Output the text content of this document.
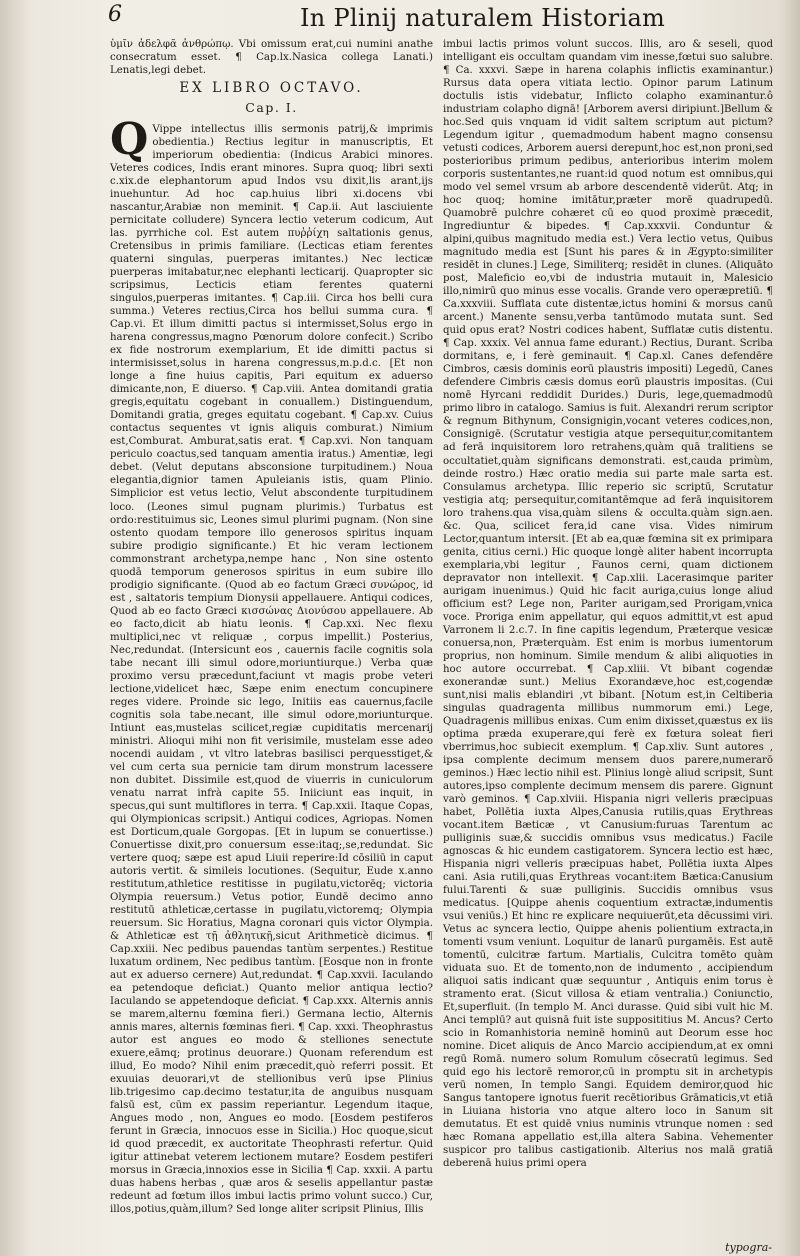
6	In Plinij naturalem Historiam

ὑμῖν ἀδελφᾶ ἀνθρώπῳ. Vbi omissum erat,cui numini anathe consecratum esset. ¶ Cap.lx.Nasica collega Lanati.) Lenatis,legi debet.

EX LIBRO OCTAVO.
Cap. I.

Q Vippe intellectus illis sermonis patrij,& imprimis obedientia.) Rectius legitur in manuscriptis, Et imperiorum obedientia: (Indicus Arabici minores. Veteres codices, Indis erant minores. Supra quoq; libri sexti c.xix.de elephantorum apud Indos vsu dixit,lis arant,ijs inuehuntur. Ad hoc cap.huius libri xi.docens vbi nascantur,Arabiæ non meminit. ¶ Cap.ii. Aut lasciuiente pernicitate colludere) Syncera lectio veterum codicum, Aut las. pyrrhiche col. Est autem πυῤῥίχη saltationis genus, Cretensibus in primis familiare. (Lecticas etiam ferentes quaterni singulas, puerperas imitantes.) Nec lecticæ puerperas imitabatur,nec elephanti lecticarij. Quapropter sic scripsimus, Lecticis etiam ferentes quaterni singulos,puerperas imitantes. ¶ Cap.iii. Circa hos belli cura summa.) Veteres rectius,Circa hos bellui summa cura. ¶ Cap.vi. Et illum dimitti pactus si intermisset,Solus ergo in harena congressus,magno Pœnorum dolore confecit.) Scribo ex fide nostrorum exemplarium, Et ide dimitti pactus si intermisisset,solus in harena congressus,m.p.d.c. [Et non longe a fine huius capitis, Pari equitum ex aduerso dimicante,non, E diuerso. ¶ Cap.viii. Antea domitandi gratia gregis,equitatu cogebant in conuallem.) Distinguendum, Domitandi gratia, greges equitatu cogebant. ¶ Cap.xv. Cuius contactus sequentes vt ignis aliquis comburat.) Nimium est,Comburat. Amburat,satis erat. ¶ Cap.xvi. Non tanquam periculo coactus,sed tanquam amentia iratus.) Amentiæ, legi debet. (Velut deputans absconsione turpitudinem.) Noua elegantia,dignior tamen Apuleianis istis, quam Plinio. Simplicior est vetus lectio, Velut abscondente turpitudinem loco. (Leones simul pugnam plurimis.) Turbatus est ordo:restituimus sic, Leones simul plurimi pugnam. (Non sine ostento quodam tempore illo generosos spiritus inquam subire prodigio significante.) Et hic veram lectionem commonstrant archetypa,nempe hanc , Non sine ostento quodā temporum generosos spiritus in eum subire illo prodigio significante. (Quod ab eo factum Græci συνώρος, id est , saltatoris tempium Dionysii appellauere. Antiqui codices, Quod ab eo facto Græci κισσώνας Διονύσου appellauere. Ab eo facto,dicit ab hiatu leonis. ¶ Cap.xxi. Nec flexu multiplici,nec vt reliquæ , corpus impellit.) Posterius, Nec,redundat. (Intersicunt eos , cauernis facile cognitis sola tabe necant illi simul odore,moriuntiurque.) Verba quæ proximo versu præcedunt,faciunt vt magis probe veteri lectione,videlicet hæc, Sæpe enim enectum concupinere reges videre. Proinde sic lego, Initiis eas cauernus,facile cognitis sola tabe.necant, ille simul odore,moriunturque. Intiunt eas,mustelas scilicet,regiæ cupiditatis mercenarij ministri. Alioqui mihi non fit verisimile, mustelam esse adeo nocendi auidam , vt vltro latebras basilisci perquesstiget,& vel cum certa sua pernicie tam dirum monstrum lacessere non dubitet. Dissimile est,quod de viuerris in cuniculorum venatu narrat infrà capite 55. Iniiciunt eas inquit, in specus,qui sunt multiflores in terra. ¶ Cap.xxii. Itaque Copas, qui Olympionicas scripsit.) Antiqui codices, Agriopas. Nomen est Dorticum,quale Gorgopas. [Et in lupum se conuertisse.) Conuertisse dixit,pro conuersum esse:itaq;,se,redundat. Sic vertere quoq; sæpe est apud Liuii reperire:Id cōsiliū in caput autoris vertit. & simileis locutiones. (Sequitur, Eude x.anno restitutum,athletice restitisse in pugilatu,victorēq; victoria Olympia reuersum.) Vetus potior, Eundē decimo anno restitutū athleticæ,certasse in pugilatu,victoremq; Olympia reuersum. Sic Horatius, Magna coronari quis victor Olympia. & Athleticæ est τῇ ἀθλητικῇ,sicut Arithmeticè dicimus. ¶ Cap.xxiii. Nec pedibus pauendas tantùm serpentes.) Restitue luxatum ordinem, Nec pedibus tantùm. [Eosque non in fronte aut ex aduerso cernere) Aut,redundat. ¶ Cap.xxvii. Iaculando ea petendoque deficiat.) Quanto melior antiqua lectio? Iaculando se appetendoque deficiat. ¶ Cap.xxx. Alternis annis se marem,alternu fœmina fieri.) Germana lectio, Alternis annis mares, alternis fœminas fieri. ¶ Cap. xxxi. Theophrastus autor est angues eo modo & stelliones senectute exuere,eāmq; protinus deuorare.) Quonam referendum est illud, Eo modo? Nihil enim præcedit,quò referri possit. Et exuuias deuorari,vt de stellionibus verū ipse Plinius lib.trigesimo cap.decimo testatur,ita de anguibus nusquam falsū est, cūm ex passim reperiantur. Legendum itaque, Angues modo , non, Angues eo modo. [Eosdem pestiferos ferunt in Græcia, innocuos esse in Sicilia.) Hoc quoque,sicut id quod præcedit, ex auctoritate Theophrasti refertur. Quid igitur attinebat veterem lectionem mutare? Eosdem pestiferi morsus in Græcia,innoxios esse in Sicilia ¶ Cap. xxxii. A partu duas habens herbas , quæ aros & seselis appellantur pastæ redeunt ad fœtum illos imbui lactis primo volunt succo.) Cur, illos,potius,quàm,illum? Sed longe aliter scripsit Plinius, Illis

imbui lactis primos volunt succos. Illis, aro & seseli, quod intelligant eis occultam quandam vim inesse,fœtui suo salubre. ¶ Ca. xxxvi. Sæpe in harena colaphis inflictis examinantur.) Rursus data opera vitiata lectio. Opinor parum Latinum doctulis istis videbatur, Inflicto colapho examinantur.ô industriam colapho dignā! [Arborem aversi diripiunt.]Bellum & hoc.Sed quis vnquam id vidit saltem scriptum aut pictum? Legendum igitur , quemadmodum habent magno consensu vetusti codices, Arborem auersi derepunt,hoc est,non proni,sed posterioribus primum pedibus, anterioribus interim molem corporis sustentantes,ne ruant:id quod notum est omnibus,qui modo vel semel vrsum ab arbore descendentē viderūt. Atq; in hoc quoq; homine imitātur,præter morē quadrupedū. Quamobrē pulchre cohæret cū eo quod proximè præcedit, Ingrediuntur & bipedes. ¶ Cap.xxxvii. Conduntur & alpini,quibus magnitudo media est.) Vera lectio vetus, Quibus magnitudo media est [Sunt his pares & in Ægypto:similiter residēt in clunes.] Lege, Similiterq; residēt in clunes. (Aliquāto post, Maleficio eo,vbi de industria mutauit in, Malesicio illo,nimirū quo minus esse vocalis. Grande vero operæpretiū. ¶ Ca.xxxviii. Sufflata cute distentæ,ictus homini & morsus canū arcent.) Manente sensu,verba tantūmodo mutata sunt. Sed quid opus erat? Nostri codices habent, Sufflatæ cutis distentu. ¶ Cap. xxxix. Vel annua fame edurant.) Rectius, Durant. Scriba dormitans, e, i ferè geminauit. ¶ Cap.xl. Canes defendēre Cimbros, cæsis dominis eorū plaustris impositi) Legedū, Canes defendere Cimbris cæsis domus eorū plaustris impositas. (Cui nomē Hyrcani reddidit Durides.) Duris, lege,quemadmodū primo libro in catalogo. Samius is fuit. Alexandri rerum scriptor & regnum Bithynum, Consignigin,vocant veteres codices,non, Consignigē. (Scrutatur vestigia atque persequitur,comitantem ad ferā inquisitorem loro retrahens,quàm quā tralitiens se occultatiet,quàm significans demonstrati. est,cauda primùm, deinde rostro.) Hæc oratio media sui parte male sarta est. Consulamus archetypa. Illic reperio sic scriptū, Scrutatur vestigia atq; persequitur,comitantēmque ad ferā inquisitorem loro trahens.qua visa,quàm silens & occulta.quàm sign.aen. &c. Qua, scilicet fera,id cane visa. Vides nimirum Lector,quantum intersit. [Et ab ea,quæ fœmina sit ex primipara genita, citius cerni.) Hic quoque longè aliter habent incorrupta exemplaria,vbi legitur , Faunos cerni, quam dictionem depravator non intellexit. ¶ Cap.xlii. Lacerasimque pariter aurigam inuenimus.) Quid hic facit auriga,cuius longe aliud officium est? Lege non, Pariter aurigam,sed Prorigam,vnica voce. Proriga enim appellatur, qui equos admittit,vt est apud Varronem li 2.c.7. In fine capitis legendum, Præterque vesicæ conuersa,non, Præterquàm. Est enim is morbus iumentorum proprius, non hominum. Simile mendum & alibi aliquoties in hoc autore occurrebat. ¶ Cap.xliii. Vt bibant cogendæ exonerandæ sunt.) Melius Exorandæve,hoc est,cogendæ sunt,nisi malis eblandiri ,vt bibant. [Notum est,in Celtiberia singulas quadragenta millibus nummorum emi.) Lege, Quadragenis millibus enixas. Cum enim dixisset,quæstus ex iis optima præda exuperare,qui ferè ex fœtura soleat fieri vberrimus,hoc subiecit exemplum. ¶ Cap.xliv. Sunt autores , ipsa complente decimum mensem duos parere,numerarō geminos.) Hæc lectio nihil est. Plinius longè aliud scripsit, Sunt autores,ipso complente decimum mensem dis parere. Gignunt varò geminos. ¶ Cap.xlviii. Hispania nigri velleris præcipuas habet, Pollētia iuxta Alpes,Canusia rutilis,quas Erythreas vocant.item Bæticæ , vt Canusium:furuas Tarentum ac pulliginis suæ,& succidis omnibus vsus medicatus.) Facile agnoscas & hic eundem castigatorem. Syncera lectio est hæc, Hispania nigri velleris præcipuas habet, Pollētia iuxta Alpes cani. Asia rutili,quas Erythreas vocant:item Bætica:Canusium fului.Tarenti & suæ pulliginis. Succidis omnibus vsus medicatus. [Quippe ahenis coquentium extractæ,indumentis vsui veniūs.) Et hinc re explicare nequiuerūt,eta dēcussimi viri. Vetus ac syncera lectio, Quippe ahenis polientium extracta,in tomenti vsum veniunt. Loquitur de lanarū purgamēis. Est autē tomentū, culcitræ fartum. Martialis, Culcitra tomēto quàm viduata suo. Et de tomento,non de indumento , accipiendum aliquoi satis indicant quæ sequuntur , Antiquis enim torus è stramento erat. (Sicut villosa & etiam ventralia.) Coniunctio, Et,superfluit. (In templo M. Anci durasse. Quid sibi vult hic M. Anci templū? aut quisnā fuit iste supposititius M. Ancus? Certo scio in Romanhistoria neminē hominū aut Deorum esse hoc nomine. Dicet aliquis de Anco Marcio accipiendum,at ex omni regū Romā. numero solum Romulum cōsecratū legimus. Sed quid ego his lectorē remoror,cū in promptu sit in archetypis verū nomen, In templo Sangi. Equidem demiror,quod hic Sangus tantopere ignotus fuerit recētioribus Grāmaticis,vt etiā in Liuiana historia vno atque altero loco in Sanum sit demutatus. Et est quidē vnius numinis vtrunque nomen : sed hæc Romana appellatio est,illa altera Sabina. Vehementer suspicor pro talibus castigationib. Alterius nos malā gratiā deberenā huius primi opera

typogra-
